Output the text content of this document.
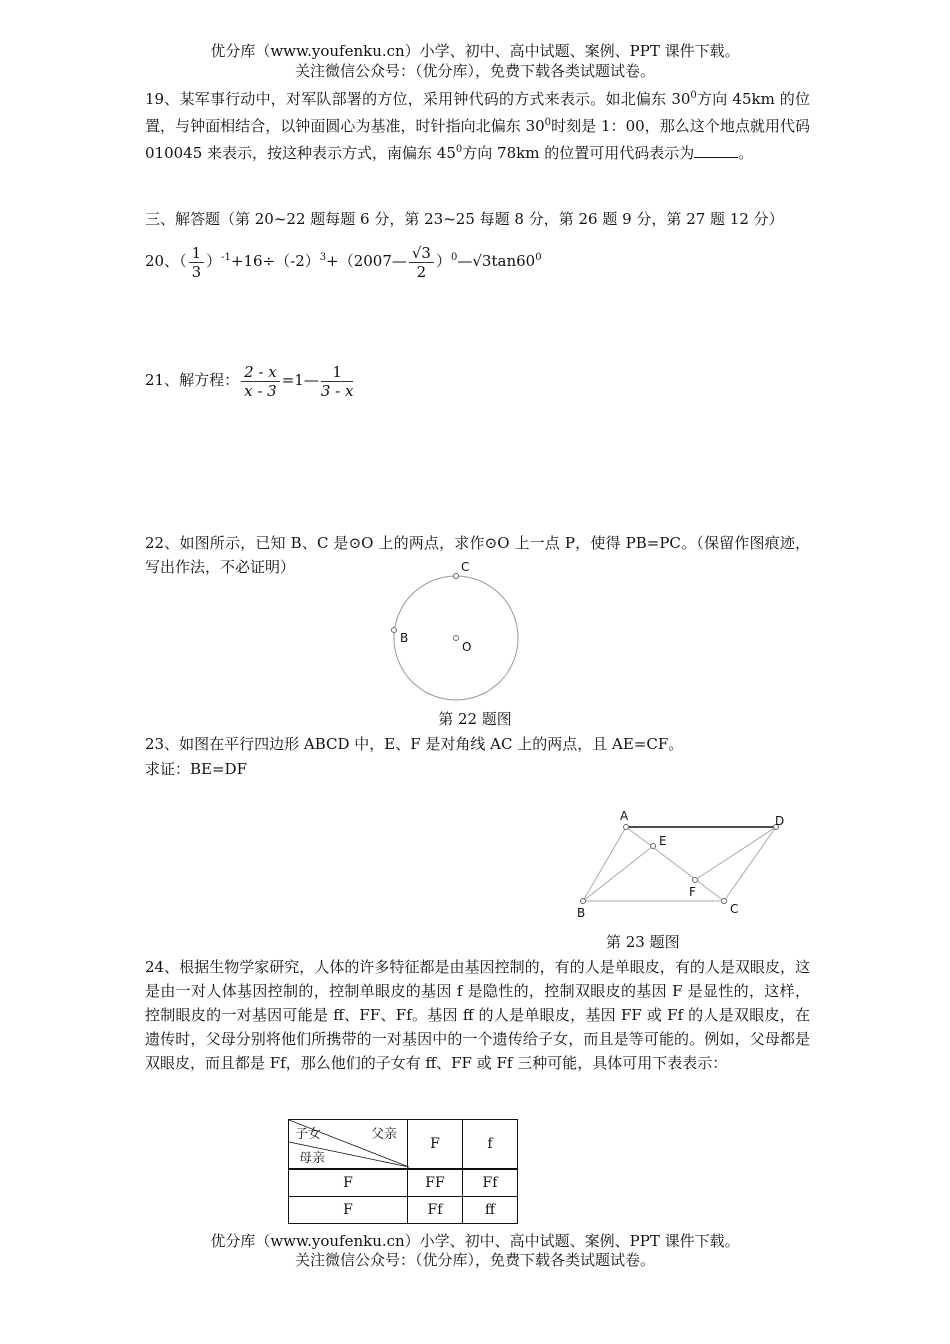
优分库（www.youfenku.cn）小学、初中、高中试题、案例、PPT 课件下载。
关注微信公众号：（优分库），免费下载各类试题试卷。
19、某军事行动中，对军队部署的方位，采用钟代码的方式来表示。如北偏东 $30^0$方向 45km 的位置，与钟面相结合，以钟面圆心为基准，时针指向北偏东 $30^0$时刻是 1：00，那么这个地点就用代码 010045 来表示，按这种表示方式，南偏东 $45^0$方向 78km 的位置可用代码表示为	。
三、解答题（第 20~22 题每题 6 分，第 23~25 每题 8 分，第 26 题 9 分，第 27 题 12 分）
20、（ $\frac{1}{3}$ ）$^{-1}+16\div(-2)^3+(2007— \frac{√3}{2}$ ）$^0—√3\tan 60^0$
21、解方程： $\frac{2 - x}{x - 3}$ =1— $\frac{1}{3 - x}$
22、如图所示，已知 B、C 是⊙O 上的两点，求作⊙O 上一点 P，使得 PB=PC。（保留作图痕迹，写出作法，不必证明）	C
B
O
第 22 题图
23、如图在平行四边形 ABCD 中，E、F 是对角线 AC 上的两点，且 AE=CF。
求证：BE=DF
A	D
E
F
B	C
第 23 题图
24、根据生物学家研究，人体的许多特征都是由基因控制的，有的人是单眼皮，有的人是双眼皮，这是由一对人体基因控制的，控制单眼皮的基因 f 是隐性的，控制双眼皮的基因 F 是显性的，这样，控制眼皮的一对基因可能是 ff、FF、Ff。基因 ff 的人是单眼皮，基因 FF 或 Ff 的人是双眼皮，在遗传时，父母分别将他们所携带的一对基因中的一个遗传给子女，而且是等可能的。例如，父母都是双眼皮，而且都是 Ff，那么他们的子女有 ff、FF 或 Ff 三种可能，具体可用下表表示：
子女 父亲
母亲	F	f
F	FF	Ff
F	Ff	ff
优分库（www.youfenku.cn）小学、初中、高中试题、案例、PPT 课件下载。
关注微信公众号：（优分库），免费下载各类试题试卷。
